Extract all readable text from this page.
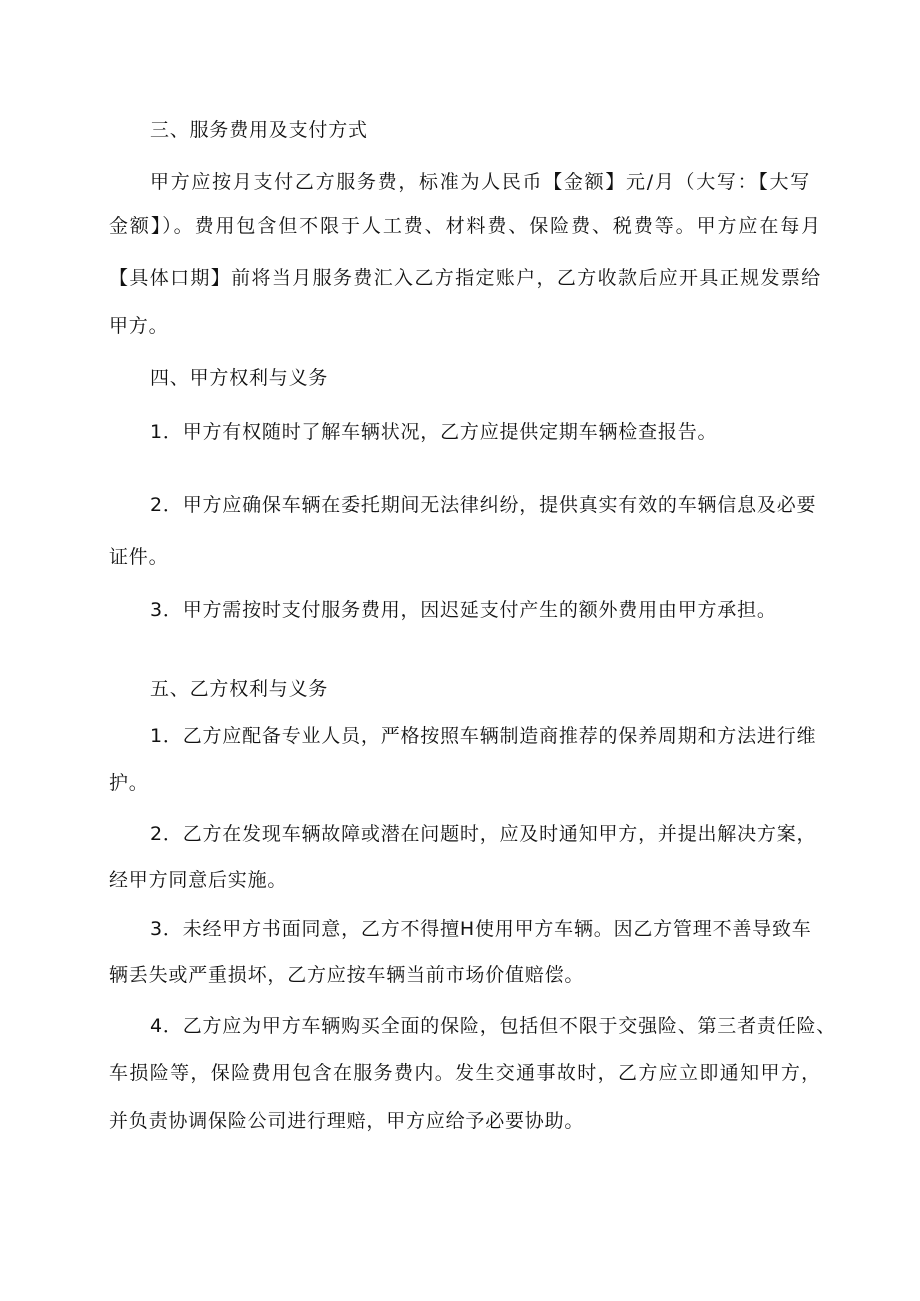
三、服务费用及支付方式
甲方应按月支付乙方服务费，标准为人民币【金额】元/月（大写：【大写
金额】）。费用包含但不限于人工费、材料费、保险费、税费等。甲方应在每月
【具体口期】前将当月服务费汇入乙方指定账户，乙方收款后应开具正规发票给
甲方。
四、甲方权利与义务
1．甲方有权随时了解车辆状况，乙方应提供定期车辆检查报告。
2．甲方应确保车辆在委托期间无法律纠纷，提供真实有效的车辆信息及必要
证件。
3．甲方需按时支付服务费用，因迟延支付产生的额外费用由甲方承担。
五、乙方权利与义务
1．乙方应配备专业人员，严格按照车辆制造商推荐的保养周期和方法进行维
护。
2．乙方在发现车辆故障或潜在问题时，应及时通知甲方，并提出解决方案，
经甲方同意后实施。
3．未经甲方书面同意，乙方不得擅H使用甲方车辆。因乙方管理不善导致车
辆丢失或严重损坏，乙方应按车辆当前市场价值赔偿。
4．乙方应为甲方车辆购买全面的保险，包括但不限于交强险、第三者责任险、
车损险等，保险费用包含在服务费内。发生交通事故时，乙方应立即通知甲方，
并负责协调保险公司进行理赔，甲方应给予必要协助。
